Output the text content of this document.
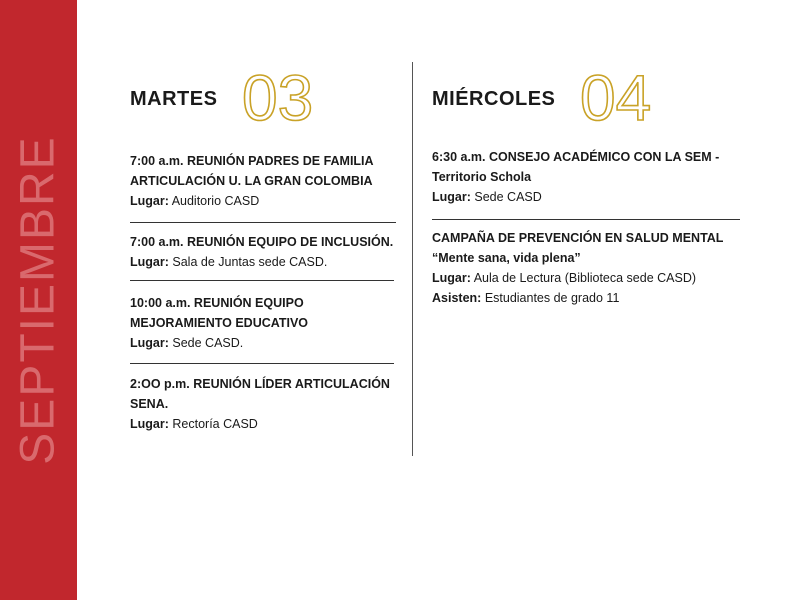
SEPTIEMBRE
MARTES 03
7:00 a.m. REUNIÓN PADRES DE FAMILIA ARTICULACIÓN U. LA GRAN COLOMBIA
Lugar: Auditorio CASD
7:00 a.m. REUNIÓN EQUIPO DE INCLUSIÓN.
Lugar: Sala de Juntas sede CASD.
10:00 a.m. REUNIÓN EQUIPO MEJORAMIENTO EDUCATIVO
Lugar: Sede CASD.
2:OO p.m. REUNIÓN LÍDER ARTICULACIÓN SENA.
Lugar: Rectoría CASD
MIÉRCOLES 04
6:30 a.m. CONSEJO ACADÉMICO CON LA SEM - Territorio Schola
Lugar: Sede CASD
CAMPAÑA DE PREVENCIÓN EN SALUD MENTAL “Mente sana, vida plena”
Lugar: Aula de Lectura (Biblioteca sede CASD)
Asisten: Estudiantes de grado 11
